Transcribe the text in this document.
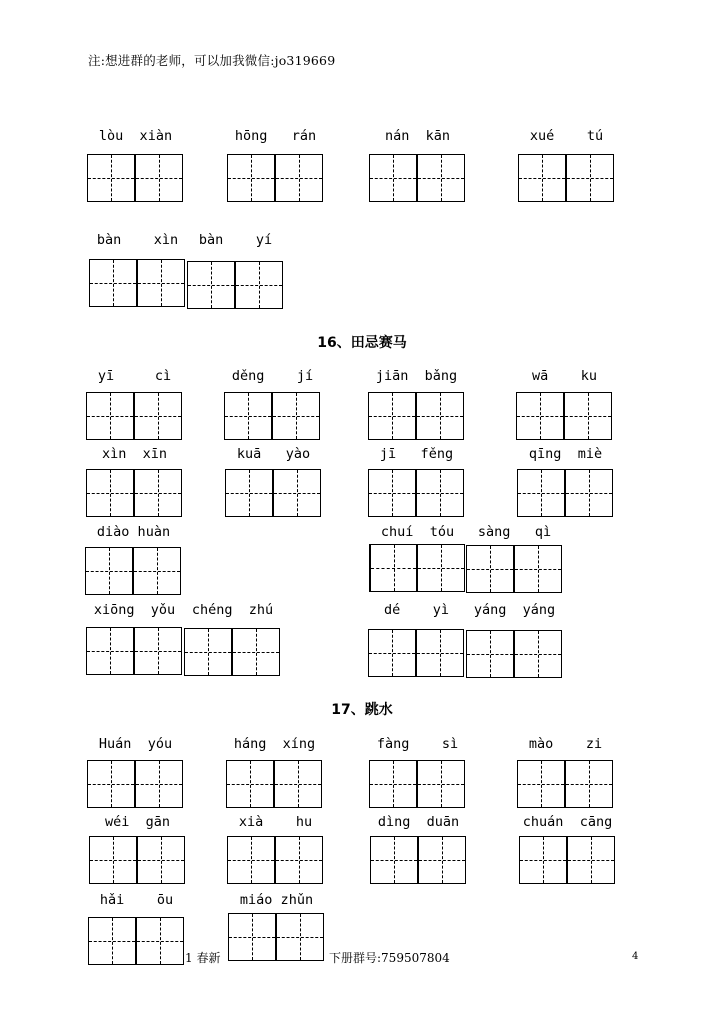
注:想进群的老师，可以加我微信:jo319669
lòu  xiàn	hōng   rán	nán  kān	xué    tú
bàn    xìn	bàn    yí
16、田忌赛马
yī     cì	děng    jí	jiān  bǎng	wā    ku
xìn  xīn	kuā   yào	jī   fěng	qīng  miè
diào huàn	chuí  tóu	sàng   qì
xiōng  yǒu	chéng  zhú	dé    yì	yáng  yáng
17、跳水
Huán  yóu	háng  xíng	fàng    sì	mào    zi
wéi  gān	xià    hu	dìng  duān	chuán  cāng
1 春新	下册群号:759507804	4
hǎi    ōu	miáo zhǔn
